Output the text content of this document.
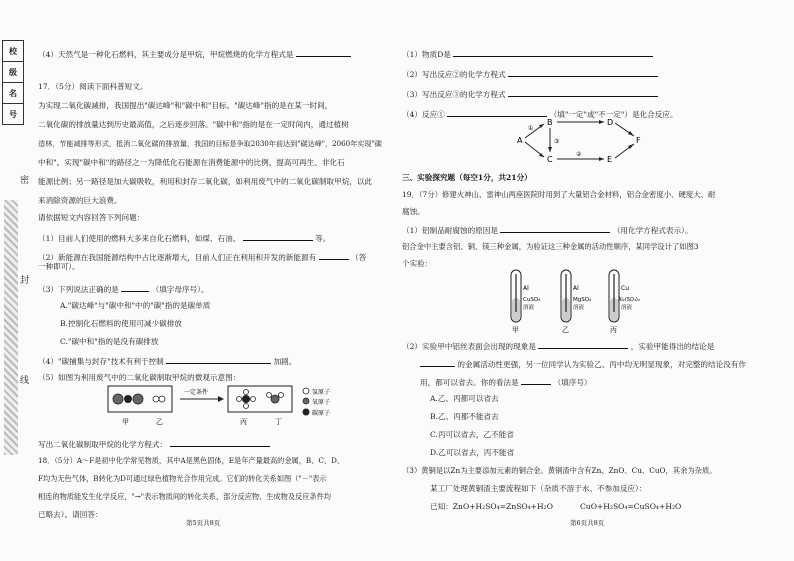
校
级
名
号
密
封
线
（4）天然气是一种化石燃料，其主要成分是甲烷，甲烷燃烧的化学方程式是
17．（5分）阅读下面科普短文。
为实现二氧化碳减排，我国提出"碳达峰"和"碳中和"目标。"碳达峰"指的是在某一时间，
二氧化碳的排放量达到历史最高值，之后逐步回落。"碳中和"指的是在一定时间内，通过植树
造林，节能减排等形式，抵消二氧化碳的排放量，我国的目标是争取2030年前达到"碳达峰"，2060年实现"碳
中和"。实现"碳中和"的路径之一为降低化石能源在消费能源中的比例，提高可再生、非化石
能源比例；另一路径是加大碳吸收，利用和封存二氧化碳，如利用废气中的二氧化碳制取甲烷，以此
来消除资源的巨大浪费。
请依据短文内容回答下列问题：
（1）目前人们使用的燃料大多来自化石燃料，如煤、石油、	等。
（2）新能源在我国能源结构中占比逐渐增大，目前人们正在利用和开发的新能源有	（答
一种即可）。
（3）下列说法正确的是	（填字母序号）。
A."碳达峰"与"碳中和"中的"碳"指的是碳单质
B.控制化石燃料的使用可减少碳排放
C."碳中和"指的是没有碳排放
（4）"碳捕集与封存"技术有利于控制	加剧。
（5）如图为利用废气中的二氧化碳制取甲烷的微观示意图：
甲	乙
一定条件
丙	丁
氢原子
氧原子
碳原子
写出二氧化碳制取甲烷的化学方程式：
18．（5分）A～F是初中化学常见物质，其中A是黑色固体，E是年产量最高的金属，B、C、D、
F均为无色气体，B转化为D可通过绿色植物光合作用完成。它们的转化关系如图（"－"表示
相连的物质能发生化学反应，"→"表示物质间的转化关系，部分反应物、生成物及反应条件均
已略去）。请回答：
第5页共8页
（1）物质D是
（2）写出反应②的化学方程式
（3）写出反应③的化学方程式
（4）反应①	（填"一定"或"不一定"）是化合反应。
A
B
C
D
E
F
①
③
②
三、实验探究题（每空1分，共21分）
19．（7分）修建火神山、雷神山两座医院时用到了大量铝合金材料，铝合金密度小、硬度大、耐
腐蚀。
（1）铝制品耐腐蚀的原因是	（用化学方程式表示）。
铝合金中主要含铝、铜、镁三种金属，为验证这三种金属的活动性顺序，某同学设计了如图3
个实验：
Al
CuSO₄
溶液
甲
Al
MgSO₄
溶液
乙
Cu
Al₂(SO₄)₃
溶液
丙
（2）实验甲中铝丝表面会出现的现象是	，实验甲能得出的结论是
的金属活动性更强，另一位同学认为实验乙、丙中均无明显现象，对完整的结论没有作
用，都可以省去。你的看法是	（填序号）
A.乙、丙都可以省去
B.乙、丙都不能省去
C.丙可以省去，乙不能省
D.乙可以省去，丙不能省
（3）黄铜是以Zn为主要添加元素的铜合金。黄铜渣中含有Zn、ZnO、Cu、CuO，其余为杂质。
某工厂处理黄铜渣主要流程如下（杂质不溶于水、不参加反应）：
已知：ZnO+H₂SO₄=ZnSO₄+H₂O	CuO+H₂SO₄=CuSO₄+H₂O
第6页共8页
